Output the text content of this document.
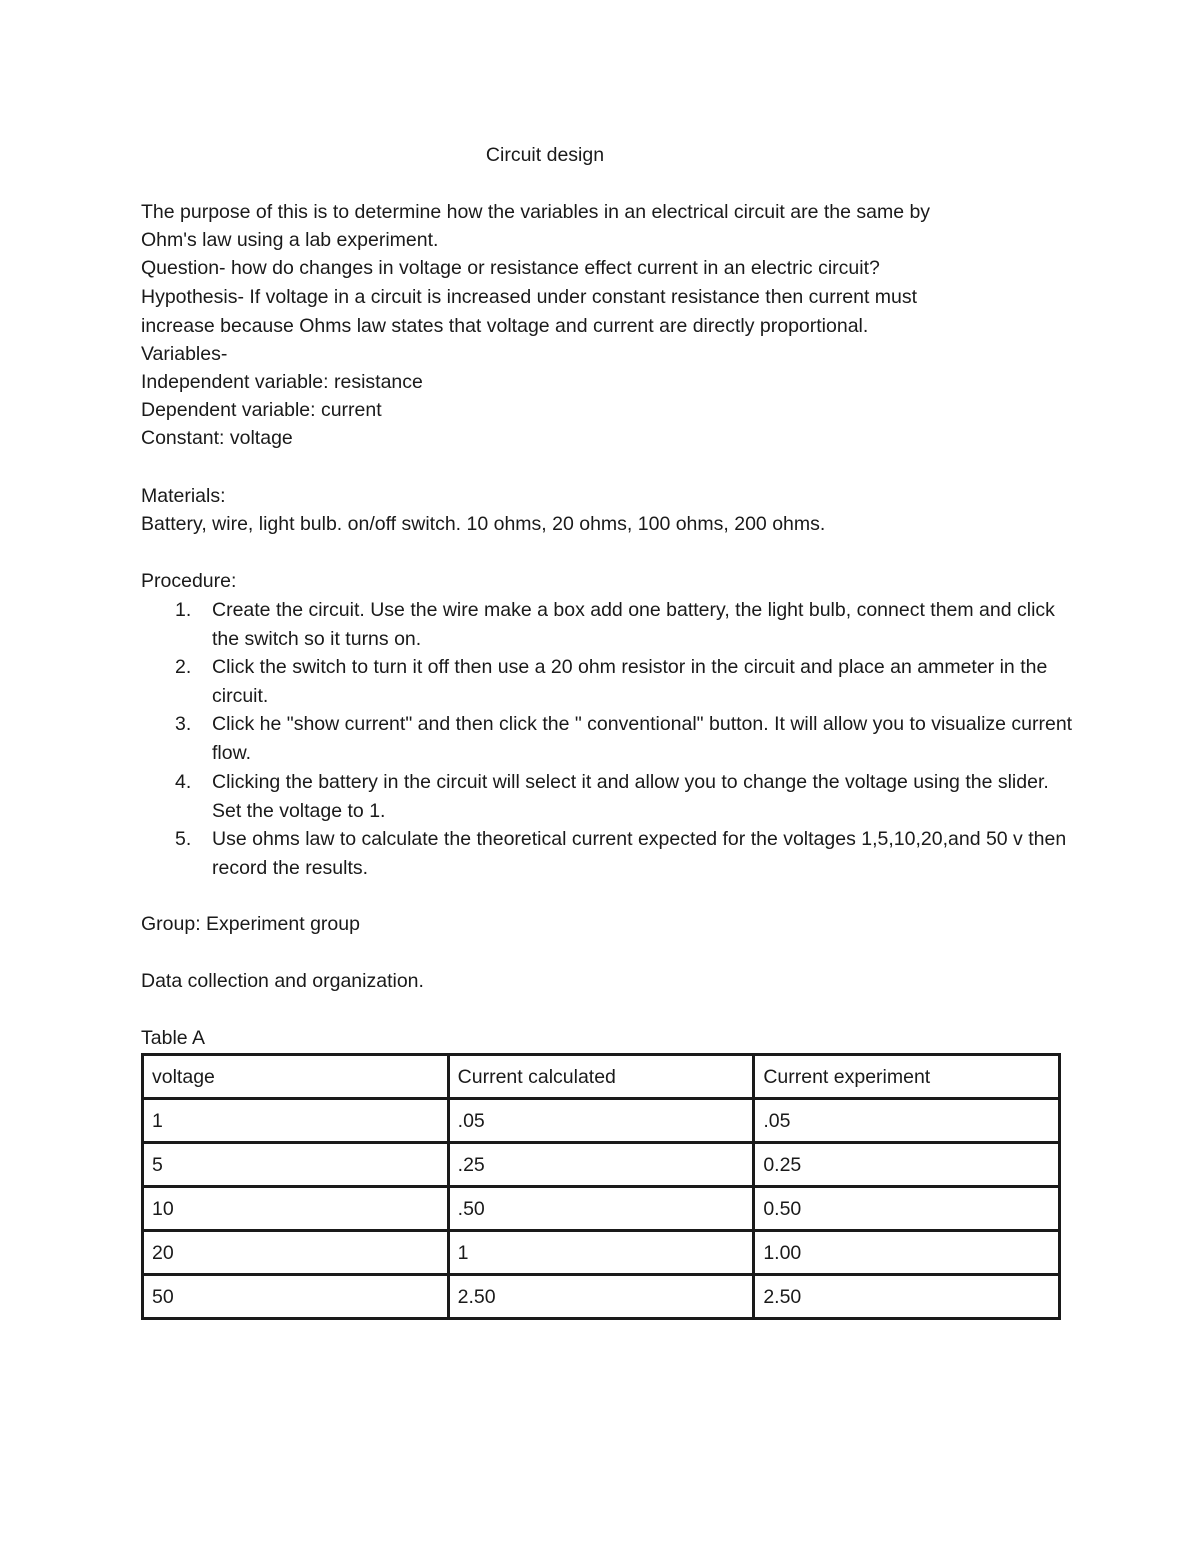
Circuit design
The purpose of this is to determine how the variables in an electrical circuit are the same by
Ohm's law using a lab experiment.
Question- how do changes in voltage or resistance effect current in an electric circuit?
Hypothesis- If voltage in a circuit is increased under constant resistance then current must
increase because Ohms law states that voltage and current are directly proportional.
Variables-
Independent variable: resistance
Dependent variable: current
Constant: voltage
Materials:
Battery, wire, light bulb. on/off switch. 10 ohms, 20 ohms, 100 ohms, 200 ohms.
Procedure:
1. Create the circuit. Use the wire make a box add one battery, the light bulb, connect them and click the switch so it turns on.
2. Click the switch to turn it off then use a 20 ohm resistor in the circuit and place an ammeter in the circuit.
3. Click he "show current" and then click the " conventional" button. It will allow you to visualize current flow.
4. Clicking the battery in the circuit will select it and allow you to change the voltage using the slider. Set the voltage to 1.
5. Use ohms law to calculate the theoretical current expected for the voltages 1,5,10,20,and 50 v then record the results.
Group: Experiment group
Data collection and organization.
Table A
voltage	Current calculated	Current experiment
1	.05	.05
5	.25	0.25
10	.50	0.50
20	1	1.00
50	2.50	2.50
